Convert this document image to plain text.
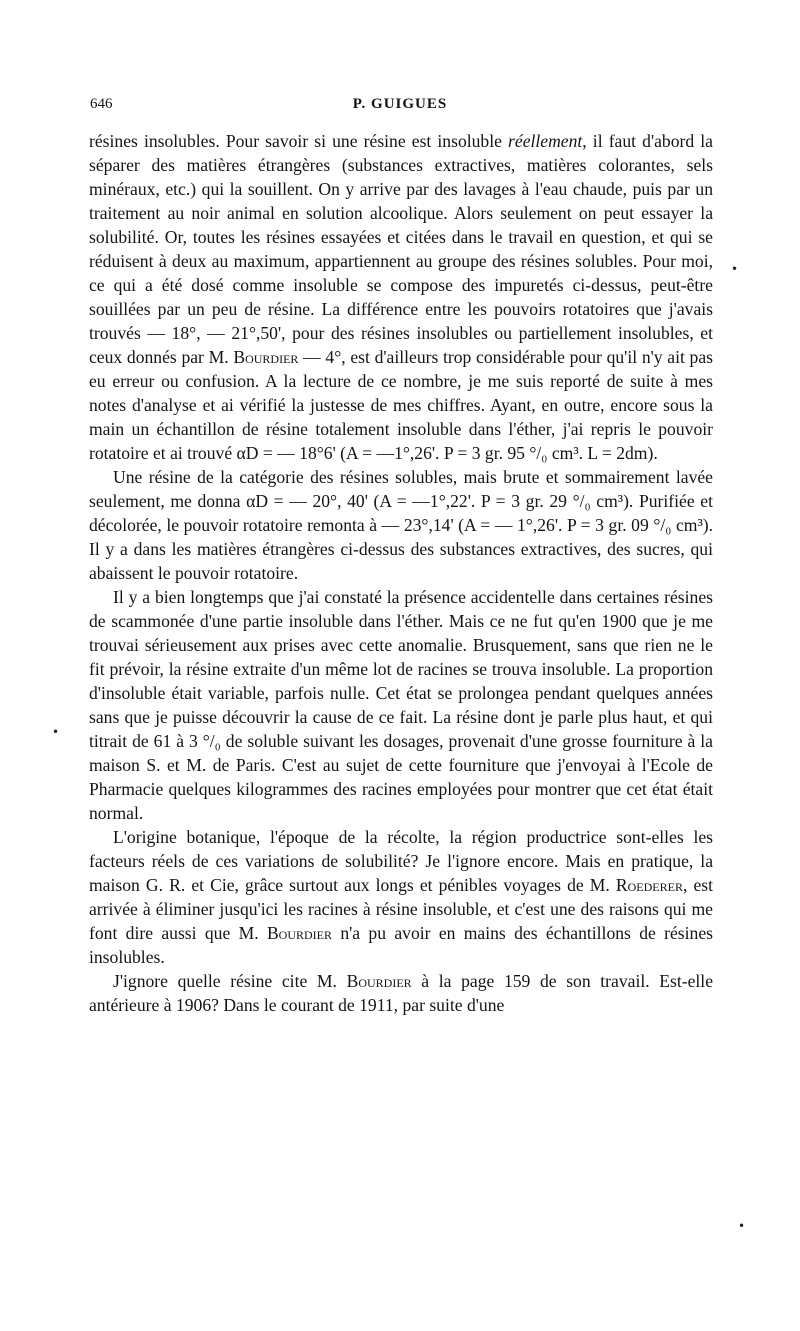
646	P. GUIGUES

résines insolubles. Pour savoir si une résine est insoluble réellement, il faut d'abord la séparer des matières étrangères (substances extractives, matières colorantes, sels minéraux, etc.) qui la souillent. On y arrive par des lavages à l'eau chaude, puis par un traitement au noir animal en solution alcoolique. Alors seulement on peut essayer la solubilité. Or, toutes les résines essayées et citées dans le travail en question, et qui se réduisent à deux au maximum, appartiennent au groupe des résines solubles. Pour moi, ce qui a été dosé comme insoluble se compose des impuretés ci-dessus, peut-être souillées par un peu de résine. La différence entre les pouvoirs rotatoires que j'avais trouvés — 18°, — 21°,50', pour des résines insolubles ou partiellement insolubles, et ceux donnés par M. Bourdier — 4°, est d'ailleurs trop considérable pour qu'il n'y ait pas eu erreur ou confusion. A la lecture de ce nombre, je me suis reporté de suite à mes notes d'analyse et ai vérifié la justesse de mes chiffres. Ayant, en outre, encore sous la main un échantillon de résine totalement insoluble dans l'éther, j'ai repris le pouvoir rotatoire et ai trouvé αD = — 18°6' (A = —1°,26'. P = 3 gr. 95 °/₀ cm³. L = 2dm).

Une résine de la catégorie des résines solubles, mais brute et sommairement lavée seulement, me donna αD = — 20°, 40' (A = —1°,22'. P = 3 gr. 29 °/₀ cm³). Purifiée et décolorée, le pouvoir rotatoire remonta à — 23°,14' (A = — 1°,26'. P = 3 gr. 09 °/₀ cm³). Il y a dans les matières étrangères ci-dessus des substances extractives, des sucres, qui abaissent le pouvoir rotatoire.

Il y a bien longtemps que j'ai constaté la présence accidentelle dans certaines résines de scammonée d'une partie insoluble dans l'éther. Mais ce ne fut qu'en 1900 que je me trouvai sérieusement aux prises avec cette anomalie. Brusquement, sans que rien ne le fit prévoir, la résine extraite d'un même lot de racines se trouva insoluble. La proportion d'insoluble était variable, parfois nulle. Cet état se prolongea pendant quelques années sans que je puisse découvrir la cause de ce fait. La résine dont je parle plus haut, et qui titrait de 61 à 3 °/₀ de soluble suivant les dosages, provenait d'une grosse fourniture à la maison S. et M. de Paris. C'est au sujet de cette fourniture que j'envoyai à l'Ecole de Pharmacie quelques kilogrammes des racines employées pour montrer que cet état était normal.

L'origine botanique, l'époque de la récolte, la région productrice sont-elles les facteurs réels de ces variations de solubilité? Je l'ignore encore. Mais en pratique, la maison G. R. et Cie, grâce surtout aux longs et pénibles voyages de M. Roederer, est arrivée à éliminer jusqu'ici les racines à résine insoluble, et c'est une des raisons qui me font dire aussi que M. Bourdier n'a pu avoir en mains des échantillons de résines insolubles.

J'ignore quelle résine cite M. Bourdier à la page 159 de son travail. Est-elle antérieure à 1906? Dans le courant de 1911, par suite d'une

•
•
•
